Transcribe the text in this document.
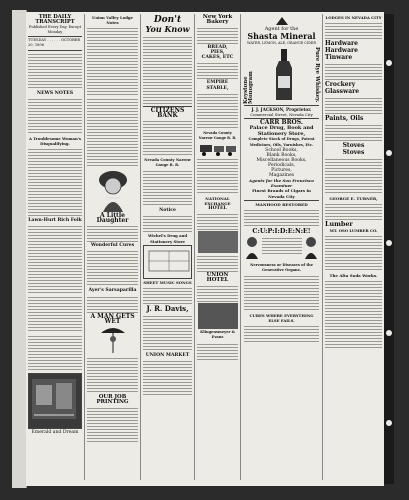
THE DAILY TRANSCRIPT
Published Every Day, Except Monday
TUESDAY . . . . . . OCTOBER 20, 1896
NEWS NOTES
A Troublesome Woman's Disqualifying.
Lawn-Hurt Rich Folk
Emerald and Dream
Union Valley Lodge Notes
A Little Daughter
Wonderful Cures
Ayer's Sarsaparilla
A MAN GETS WET
OUR JOB PRINTING
Don't
You Know
CITIZENS BANK
Nevada County Narrow Gauge R. R.
Notice
Wichel's Drug and Stationery Store
SHEET MUSIC SONGS
J. R. Davis,
UNION MARKET
New York Bakery
BREAD,
PIES,
CAKES, ETC
EMPIRE STABLE,
Nevada County Narrow Gauge R. R.
NATIONAL EXCHANGE
HOTEL
UNION HOTEL
Klingensmeyer & Evans
Agent for the
Shasta Mineral
WATER, LEMON, ALE, ORANGE CIDER
Keystone Monogram	Pure Rye Whiskey.
J. J. JACKSON, Proprietor.
Commercial Street, Nevada City
CARR BROS.
Palace Drug, Book and Stationery Store,
Complete Stock of Drugs, Patent Medicines, Oils, Varnishes, Etc.
School Books,
Blank Books,
Miscellaneous Books,
Periodicals,
Pictures,
Magazines
Agents for the San Francisco Examiner
Finest Brands of Cigars in Nevada City
MANHOOD RESTORED
C:U:P:I:D:E:N:E!
Nervousness or Diseases of the Generative Organs.
CURES WHERE EVERYTHING ELSE FAILS.
LODGES IN NEVADA CITY
Hardware
Hardware
Tinware
Crockery
Glassware
Paints, Oils
Stoves
Stoves
GEORGE E. TURNER,
Lumber
MT. OSO LUMBER CO.
The Alta Soda Works.
